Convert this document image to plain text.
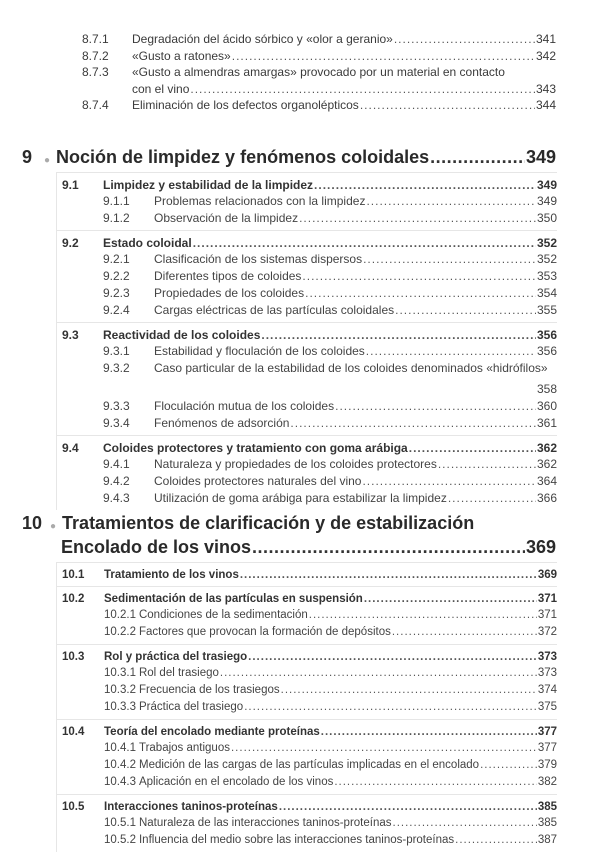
8.7.1	Degradación del ácido sórbico y «olor a geranio» .....	341
8.7.2	«Gusto a ratones» .....	342
8.7.3	«Gusto a almendras amargas» provocado por un material en contacto
con el vino .....	343
8.7.4	Eliminación de los defectos organolépticos .....	344
9	● Noción de limpidez y fenómenos coloidales .....	349
9.1	Limpidez y estabilidad de la limpidez .....	349
9.1.1	Problemas relacionados con la limpidez .....	349
9.1.2	Observación de la limpidez .....	350
9.2	Estado coloidal .....	352
9.2.1	Clasificación de los sistemas dispersos .....	352
9.2.2	Diferentes tipos de coloides .....	353
9.2.3	Propiedades de los coloides .....	354
9.2.4	Cargas eléctricas de las partículas coloidales .....	355
9.3	Reactividad de los coloides .....	356
9.3.1	Estabilidad y floculación de los coloides .....	356
9.3.2	Caso particular de la estabilidad de los coloides denominados «hidrófilos»
358
9.3.3	Floculación mutua de los coloides .....	360
9.3.4	Fenómenos de adsorción .....	361
9.4	Coloides protectores y tratamiento con goma arábiga .....	362
9.4.1	Naturaleza y propiedades de los coloides protectores .....	362
9.4.2	Coloides protectores naturales del vino .....	364
9.4.3	Utilización de goma arábiga para estabilizar la limpidez .....	366
10 ● Tratamientos de clarificación y de estabilización
Encolado de los vinos .....	369
10.1	Tratamiento de los vinos .....	369
10.2	Sedimentación de las partículas en suspensión .....	371
10.2.1 Condiciones de la sedimentación .....	371
10.2.2 Factores que provocan la formación de depósitos .....	372
10.3	Rol y práctica del trasiego .....	373
10.3.1 Rol del trasiego .....	373
10.3.2 Frecuencia de los trasiegos .....	374
10.3.3 Práctica del trasiego .....	375
10.4	Teoría del encolado mediante proteínas .....	377
10.4.1 Trabajos antiguos .....	377
10.4.2 Medición de las cargas de las partículas implicadas en el encolado .....	379
10.4.3 Aplicación en el encolado de los vinos .....	382
10.5	Interacciones taninos-proteínas .....	385
10.5.1 Naturaleza de las interacciones taninos-proteínas .....	385
10.5.2 Influencia del medio sobre las interacciones taninos-proteínas .....	387
